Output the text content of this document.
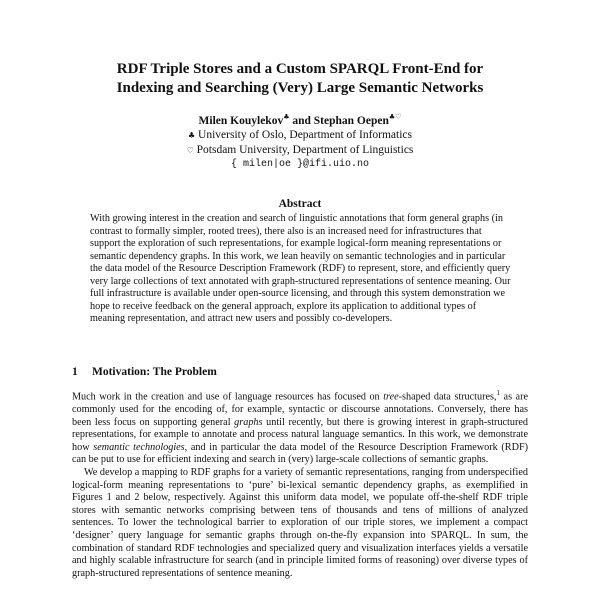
RDF Triple Stores and a Custom SPARQL Front-End for
Indexing and Searching (Very) Large Semantic Networks
Milen Kouylekov♣ and Stephan Oepen♣♡
♣ University of Oslo, Department of Informatics
♡ Potsdam University, Department of Linguistics
{ milen|oe }@ifi.uio.no
Abstract

With growing interest in the creation and search of linguistic annotations that form general graphs (in contrast to formally simpler, rooted trees), there also is an increased need for infrastructures that support the exploration of such representations, for example logical-form meaning representations or semantic dependency graphs. In this work, we lean heavily on semantic technologies and in particular the data model of the Resource Description Framework (RDF) to represent, store, and efficiently query very large collections of text annotated with graph-structured representations of sentence meaning. Our full infrastructure is available under open-source licensing, and through this system demonstration we hope to receive feedback on the general approach, explore its application to additional types of meaning representation, and attract new users and possibly co-developers.

1 Motivation: The Problem

Much work in the creation and use of language resources has focused on tree-shaped data structures,$^1$ as are commonly used for the encoding of, for example, syntactic or discourse annotations. Conversely, there has been less focus on supporting general graphs until recently, but there is growing interest in graph-structured representations, for example to annotate and process natural language semantics. In this work, we demonstrate how semantic technologies, and in particular the data model of the Resource Description Framework (RDF) can be put to use for efficient indexing and search in (very) large-scale collections of semantic graphs.

We develop a mapping to RDF graphs for a variety of semantic representations, ranging from underspecified logical-form meaning representations to ‘pure’ bi-lexical semantic dependency graphs, as exemplified in Figures 1 and 2 below, respectively. Against this uniform data model, we populate off-the-shelf RDF triple stores with semantic networks comprising between tens of thousands and tens of millions of analyzed sentences. To lower the technological barrier to exploration of our triple stores, we implement a compact ‘designer’ query language for semantic graphs through on-the-fly expansion into SPARQL. In sum, the combination of standard RDF technologies and specialized query and visualization interfaces yields a versatile and highly scalable infrastructure for search (and in principle limited forms of reasoning) over diverse types of graph-structured representations of sentence meaning.
